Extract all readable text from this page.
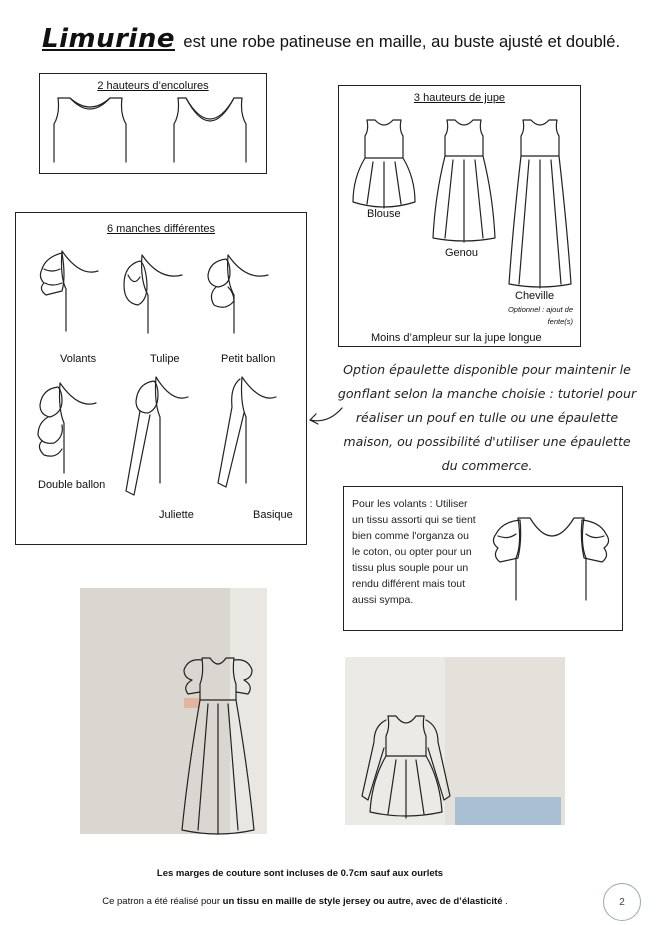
Limurine est une robe patineuse en maille, au buste ajusté et doublé.
2 hauteurs d’encolures
3 hauteurs de jupe
Blouse
Genou
Cheville
Optionnel : ajout de fente(s)
Moins d’ampleur sur la jupe longue
6 manches différentes
Volants	Tulipe	Petit ballon
Double ballon
Juliette	Basique
Option épaulette disponible pour maintenir le gonflant selon la manche choisie : tutoriel pour réaliser un pouf en tulle ou une épaulette maison, ou possibilité d'utiliser une épaulette du commerce.
Pour les volants : Utiliser un tissu assorti qui se tient bien comme l'organza ou le coton, ou opter pour un tissu plus souple pour un rendu différent mais tout aussi sympa.
Les marges de couture sont incluses de 0.7cm sauf aux ourlets
Ce patron a été réalisé pour un tissu en maille de style jersey ou autre, avec de d’élasticité .	2
